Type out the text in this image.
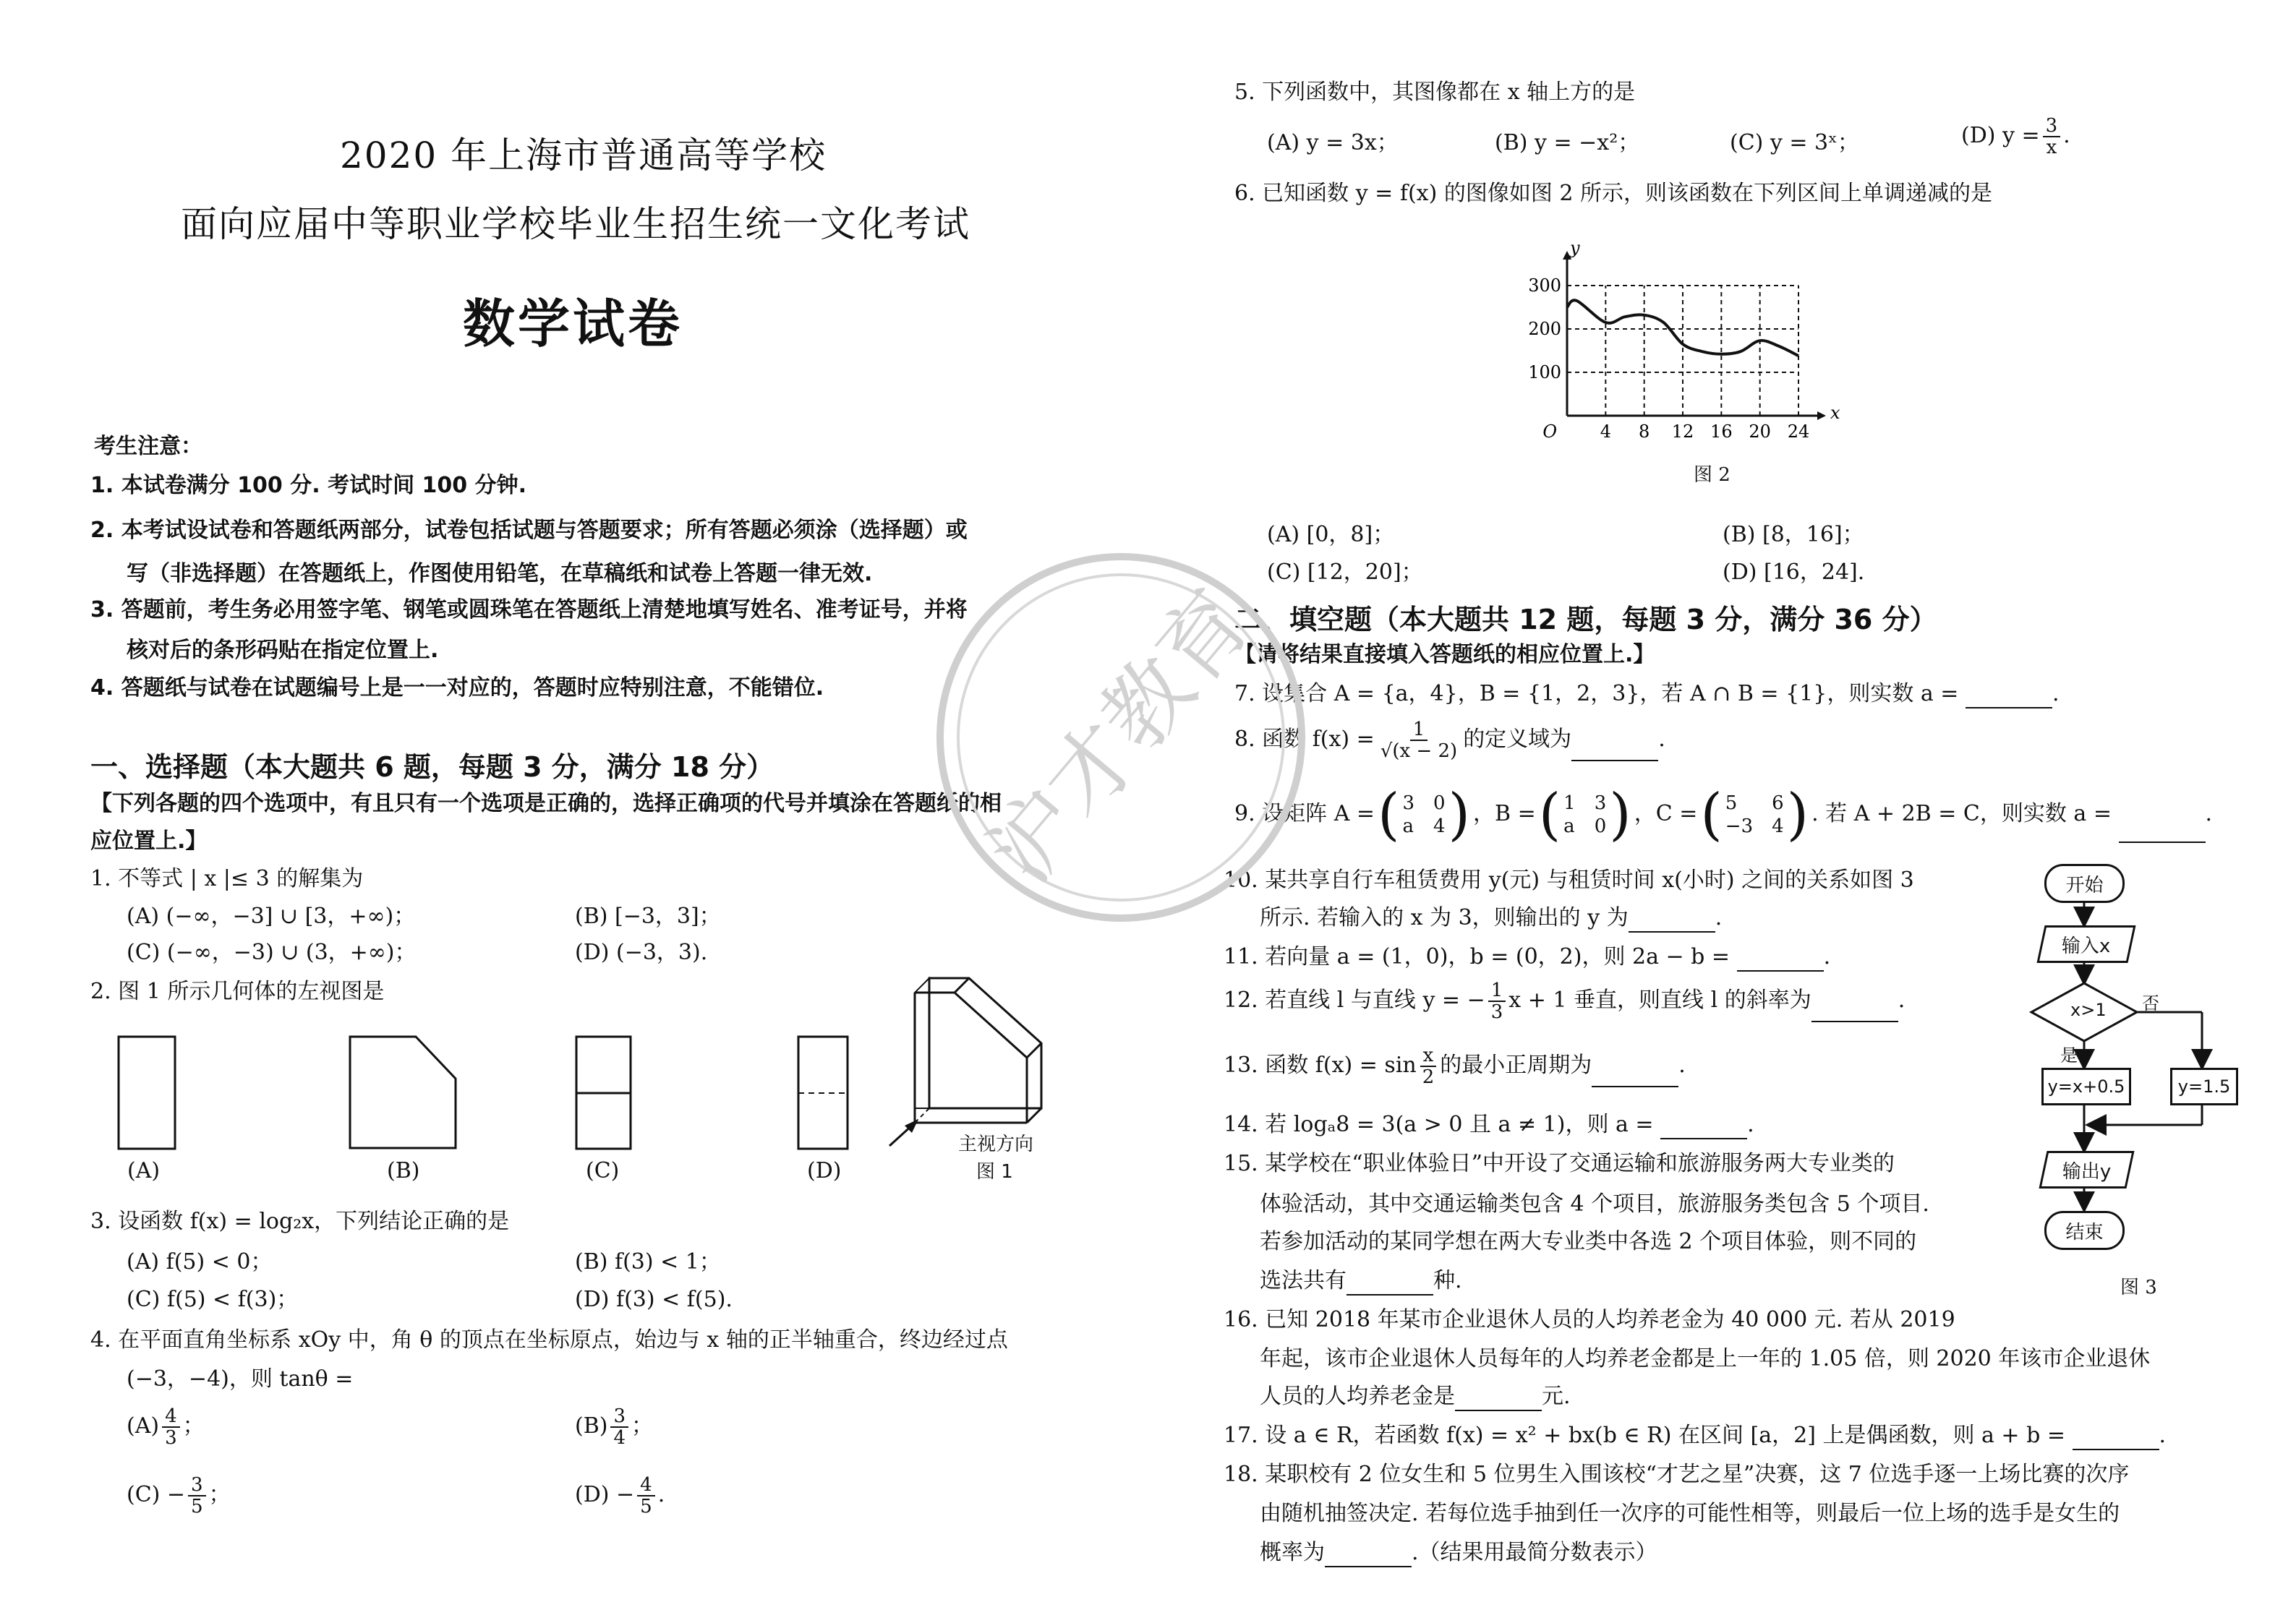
2020 年上海市普通高等学校
面向应届中等职业学校毕业生招生统一文化考试
数学试卷
考生注意：
1. 本试卷满分 100 分. 考试时间 100 分钟.
2. 本考试设试卷和答题纸两部分，试卷包括试题与答题要求；所有答题必须涂（选择题）或
写（非选择题）在答题纸上，作图使用铅笔，在草稿纸和试卷上答题一律无效.
3. 答题前，考生务必用签字笔、钢笔或圆珠笔在答题纸上清楚地填写姓名、准考证号，并将
核对后的条形码贴在指定位置上.
4. 答题纸与试卷在试题编号上是一一对应的，答题时应特别注意，不能错位.
一、选择题（本大题共 6 题，每题 3 分，满分 18 分）
【下列各题的四个选项中，有且只有一个选项是正确的，选择正确项的代号并填涂在答题纸的相
应位置上.】
1. 不等式 | x |≤ 3 的解集为
(A) (−∞，−3] ∪ [3，+∞)；	(B) [−3，3]；
(C) (−∞，−3) ∪ (3，+∞)；	(D) (−3，3).
2. 图 1 所示几何体的左视图是
(A)	(B)	(C)	(D)
主视方向
图 1
3. 设函数 f(x) = log₂x，下列结论正确的是
(A) f(5) < 0；	(B) f(3) < 1；
(C) f(5) < f(3)；	(D) f(3) < f(5).
4. 在平面直角坐标系 xOy 中，角 θ 的顶点在坐标原点，始边与 x 轴的正半轴重合，终边经过点
(−3，−4)，则 tanθ =
$(A) \frac{4}{3}$ ；	$(B) \frac{3}{4}$ ；
$(C) - \frac{3}{5}$ ；	$(D) - \frac{4}{5}$ .
5. 下列函数中，其图像都在 x 轴上方的是
(A) y = 3x；	(B) y = −x²；	(C) y = 3ˣ；	(D) $y = \frac{3}{x}$ .
6. 已知函数 y = f(x) 的图像如图 2 所示，则该函数在下列区间上单调递减的是
4 8 12 16 20 24
100
200
300
O
x
y
图 2
(A) [0，8]；	(B) [8，16]；
(C) [12，20]；	(D) [16，24].
二、填空题（本大题共 12 题，每题 3 分，满分 36 分）
【请将结果直接填入答题纸的相应位置上.】
7. 设集合 A = {a，4}，B = {1，2，3}，若 A ∩ B = {1}，则实数 a =	.
8. 函数 $f(x) = \frac{1}{√(x - 2)}$ 的定义域为	.
9. 设矩阵 A = ( 3 0
a 4 ) ，B = ( 1 3
a 0 ) ，C = ( 5	6
−3 4 ) . 若 A + 2B = C，则实数 a =	.
10. 某共享自行车租赁费用 y(元) 与租赁时间 x(小时) 之间的关系如图 3
所示. 若输入的 x 为 3，则输出的 y 为	.
11. 若向量 a = (1，0)，b = (0，2)，则 2a − b =	.
12. 若直线 l 与直线 y = − $\frac{1}{3}$ x + 1 垂直，则直线 l 的斜率为	.
13. 函数 $f(x) = \sin \frac{x}{2}$ 的最小正周期为	.
14. 若 logₐ8 = 3(a > 0 且 a ≠ 1)，则 a =	.
15. 某学校在“职业体验日”中开设了交通运输和旅游服务两大专业类的
体验活动，其中交通运输类包含 4 个项目，旅游服务类包含 5 个项目.
若参加活动的某同学想在两大专业类中各选 2 个项目体验，则不同的
选法共有	种.
16. 已知 2018 年某市企业退休人员的人均养老金为 40 000 元. 若从 2019
年起，该市企业退休人员每年的人均养老金都是上一年的 1.05 倍，则 2020 年该市企业退休
人员的人均养老金是	元.
17. 设 a ∈ R，若函数 f(x) = x² + bx(b ∈ R) 在区间 [a，2] 上是偶函数，则 a + b =	.
18. 某职校有 2 位女生和 5 位男生入围该校“才艺之星”决赛，这 7 位选手逐一上场比赛的次序
由随机抽签决定. 若每位选手抽到任一次序的可能性相等，则最后一位上场的选手是女生的
概率为	.（结果用最简分数表示）
开始
输入x
x>1
是
否
y=x+0.5	y=1.5
输出y
结束
图 3
沪才教育
